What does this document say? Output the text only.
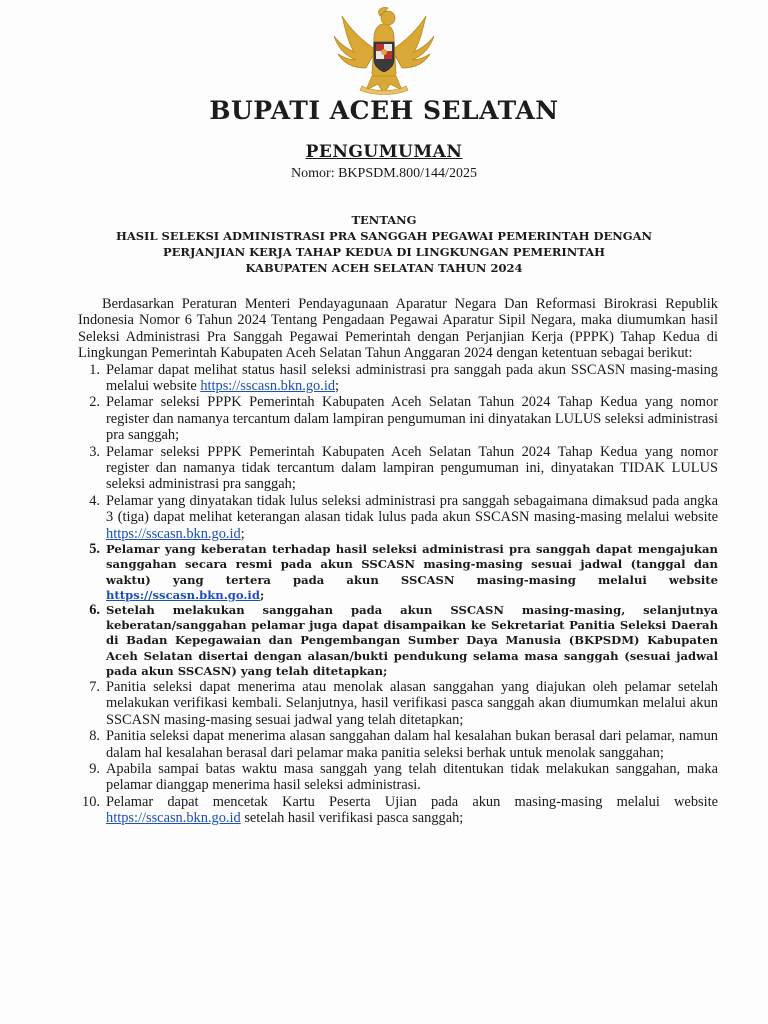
BUPATI ACEH SELATAN
PENGUMUMAN
Nomor: BKPSDM.800/144/2025
TENTANG
HASIL SELEKSI ADMINISTRASI PRA SANGGAH PEGAWAI PEMERINTAH DENGAN
PERJANJIAN KERJA TAHAP KEDUA DI LINGKUNGAN PEMERINTAH
KABUPATEN ACEH SELATAN TAHUN 2024

Berdasarkan Peraturan Menteri Pendayagunaan Aparatur Negara Dan Reformasi Birokrasi Republik Indonesia Nomor 6 Tahun 2024 Tentang Pengadaan Pegawai Aparatur Sipil Negara, maka diumumkan hasil Seleksi Administrasi Pra Sanggah Pegawai Pemerintah dengan Perjanjian Kerja (PPPK) Tahap Kedua di Lingkungan Pemerintah Kabupaten Aceh Selatan Tahun Anggaran 2024 dengan ketentuan sebagai berikut:

1. Pelamar dapat melihat status hasil seleksi administrasi pra sanggah pada akun SSCASN masing-masing melalui website https://sscasn.bkn.go.id;
2. Pelamar seleksi PPPK Pemerintah Kabupaten Aceh Selatan Tahun 2024 Tahap Kedua yang nomor register dan namanya tercantum dalam lampiran pengumuman ini dinyatakan LULUS seleksi administrasi pra sanggah;
3. Pelamar seleksi PPPK Pemerintah Kabupaten Aceh Selatan Tahun 2024 Tahap Kedua yang nomor register dan namanya tidak tercantum dalam lampiran pengumuman ini, dinyatakan TIDAK LULUS seleksi administrasi pra sanggah;
4. Pelamar yang dinyatakan tidak lulus seleksi administrasi pra sanggah sebagaimana dimaksud pada angka 3 (tiga) dapat melihat keterangan alasan tidak lulus pada akun SSCASN masing-masing melalui website https://sscasn.bkn.go.id;
5. Pelamar yang keberatan terhadap hasil seleksi administrasi pra sanggah dapat mengajukan sanggahan secara resmi pada akun SSCASN masing-masing sesuai jadwal (tanggal dan waktu) yang tertera pada akun SSCASN masing-masing melalui website https://sscasn.bkn.go.id;
6. Setelah melakukan sanggahan pada akun SSCASN masing-masing, selanjutnya keberatan/sanggahan pelamar juga dapat disampaikan ke Sekretariat Panitia Seleksi Daerah di Badan Kepegawaian dan Pengembangan Sumber Daya Manusia (BKPSDM) Kabupaten Aceh Selatan disertai dengan alasan/bukti pendukung selama masa sanggah (sesuai jadwal pada akun SSCASN) yang telah ditetapkan;
7. Panitia seleksi dapat menerima atau menolak alasan sanggahan yang diajukan oleh pelamar setelah melakukan verifikasi kembali. Selanjutnya, hasil verifikasi pasca sanggah akan diumumkan melalui akun SSCASN masing-masing sesuai jadwal yang telah ditetapkan;
8. Panitia seleksi dapat menerima alasan sanggahan dalam hal kesalahan bukan berasal dari pelamar, namun dalam hal kesalahan berasal dari pelamar maka panitia seleksi berhak untuk menolak sanggahan;
9. Apabila sampai batas waktu masa sanggah yang telah ditentukan tidak melakukan sanggahan, maka pelamar dianggap menerima hasil seleksi administrasi.
10. Pelamar dapat mencetak Kartu Peserta Ujian pada akun masing-masing melalui website https://sscasn.bkn.go.id setelah hasil verifikasi pasca sanggah;
